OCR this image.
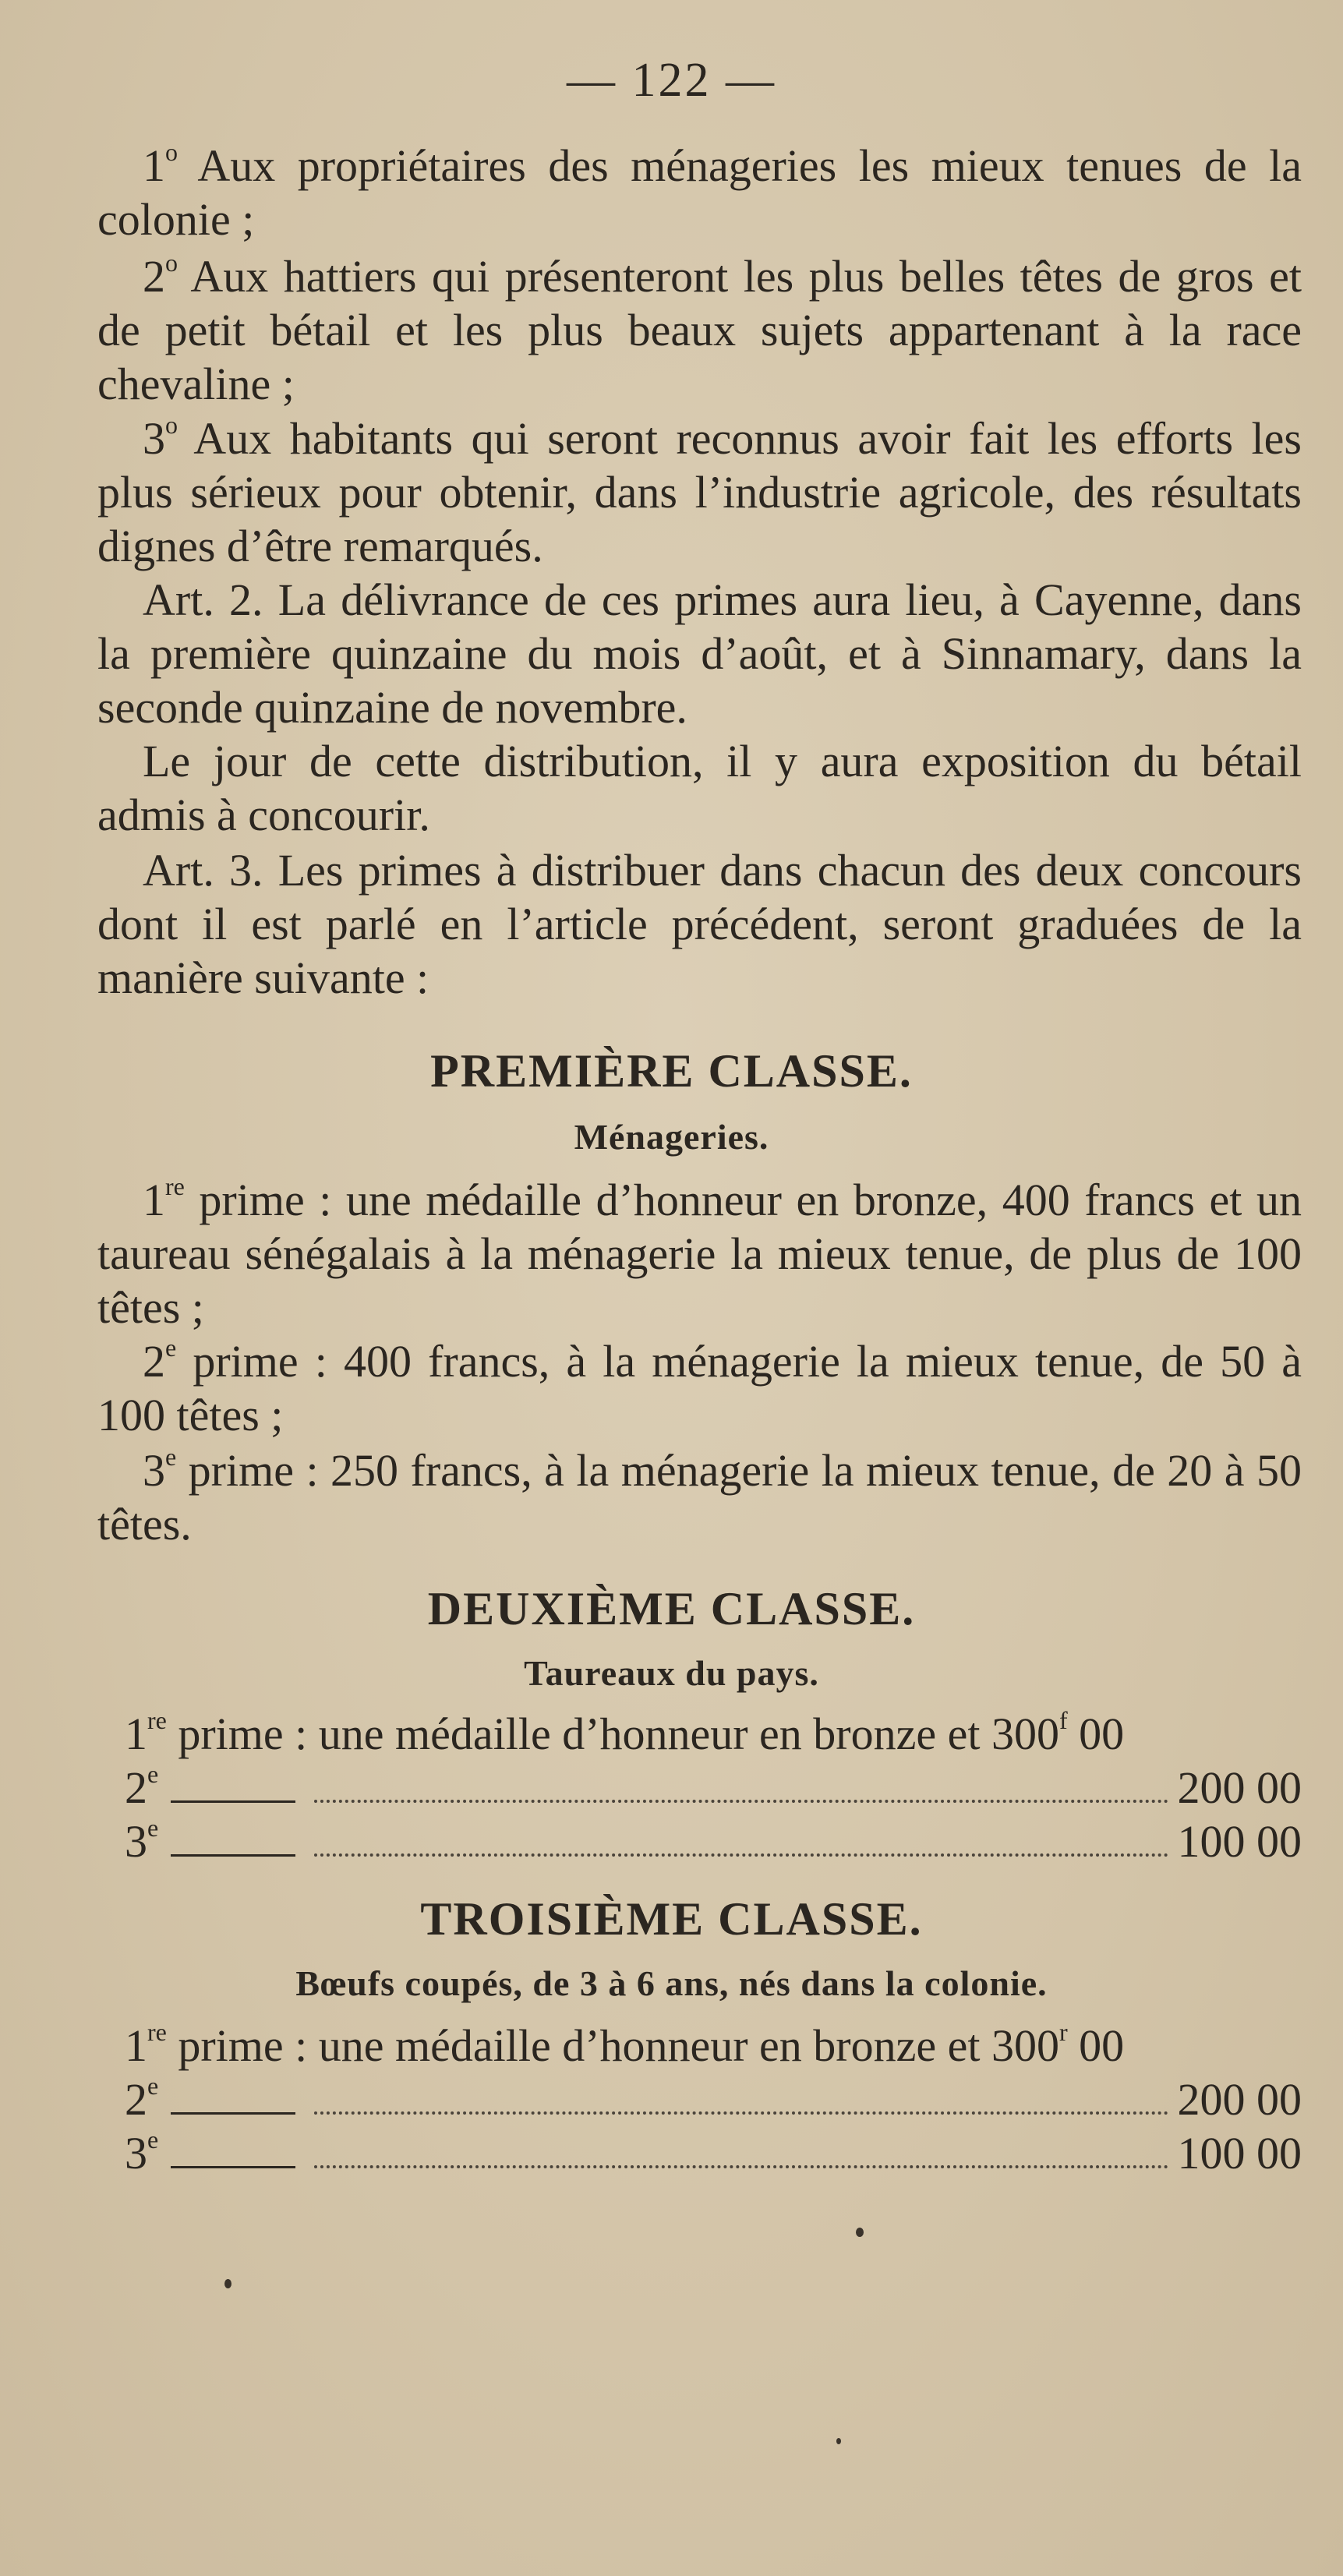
— 122 —

1$^o$ Aux propriétaires des ménageries les mieux tenues de la colonie ;

2$^o$ Aux hattiers qui présenteront les plus belles têtes de gros et de petit bétail et les plus beaux sujets appartenant à la race chevaline ;

3$^o$ Aux habitants qui seront reconnus avoir fait les efforts les plus sérieux pour obtenir, dans l’industrie agricole, des résultats dignes d’être remarqués.

Art. 2. La délivrance de ces primes aura lieu, à Cayenne, dans la première quinzaine du mois d’août, et à Sinnamary, dans la seconde quinzaine de novembre.

Le jour de cette distribution, il y aura exposition du bétail admis à concourir.

Art. 3. Les primes à distribuer dans chacun des deux concours dont il est parlé en l’article précédent, seront graduées de la manière suivante :

PREMIÈRE CLASSE.
Ménageries.

1re prime : une médaille d’honneur en bronze, 400 francs et un taureau sénégalais à la ménagerie la mieux tenue, de plus de 100 têtes ;

2e prime : 400 francs, à la ménagerie la mieux tenue, de 50 à 100 têtes ;

3e prime : 250 francs, à la ménagerie la mieux tenue, de 20 à 50 têtes.

DEUXIÈME CLASSE.
Taureaux du pays.
1re prime : une médaille d’honneur en bronze et 300$^f$ 00
2e	200 00
3e	100 00
TROISIÈME CLASSE.
Bœufs coupés, de 3 à 6 ans, nés dans la colonie.
1re prime : une médaille d’honneur en bronze et 300$^r$ 00
2e	200 00
3e	100 00
